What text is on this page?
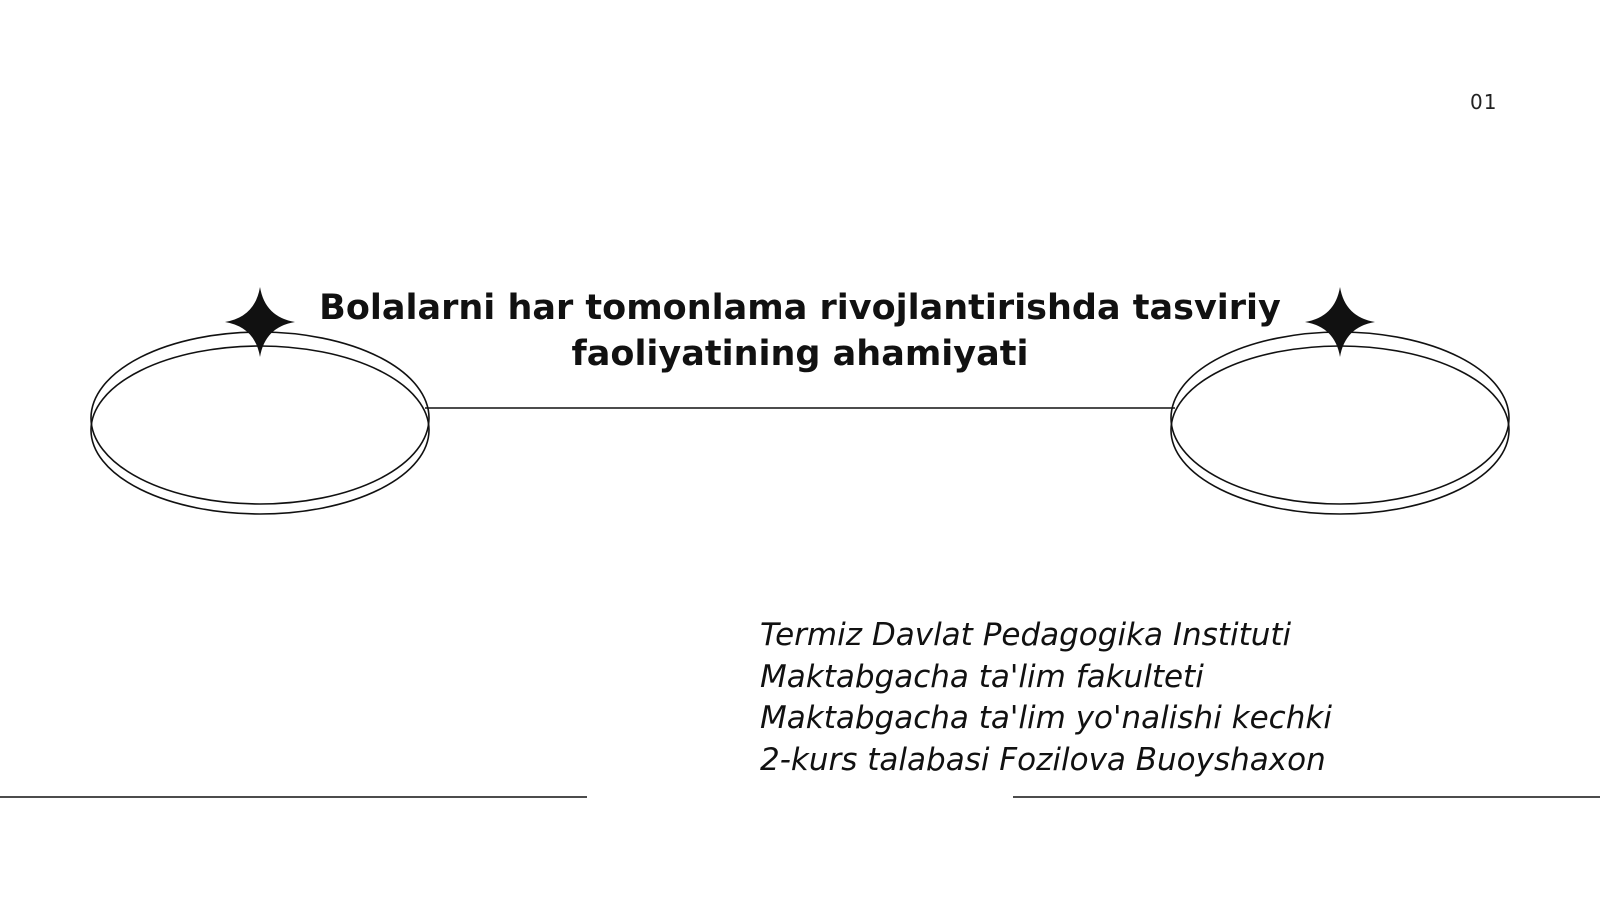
01
Bolalarni har tomonlama rivojlantirishda tasviriy
faoliyatining ahamiyati
Termiz Davlat Pedagogika Instituti
Maktabgacha ta'lim fakulteti
Maktabgacha ta'lim yo'nalishi kechki
2-kurs talabasi Fozilova Buoyshaxon
